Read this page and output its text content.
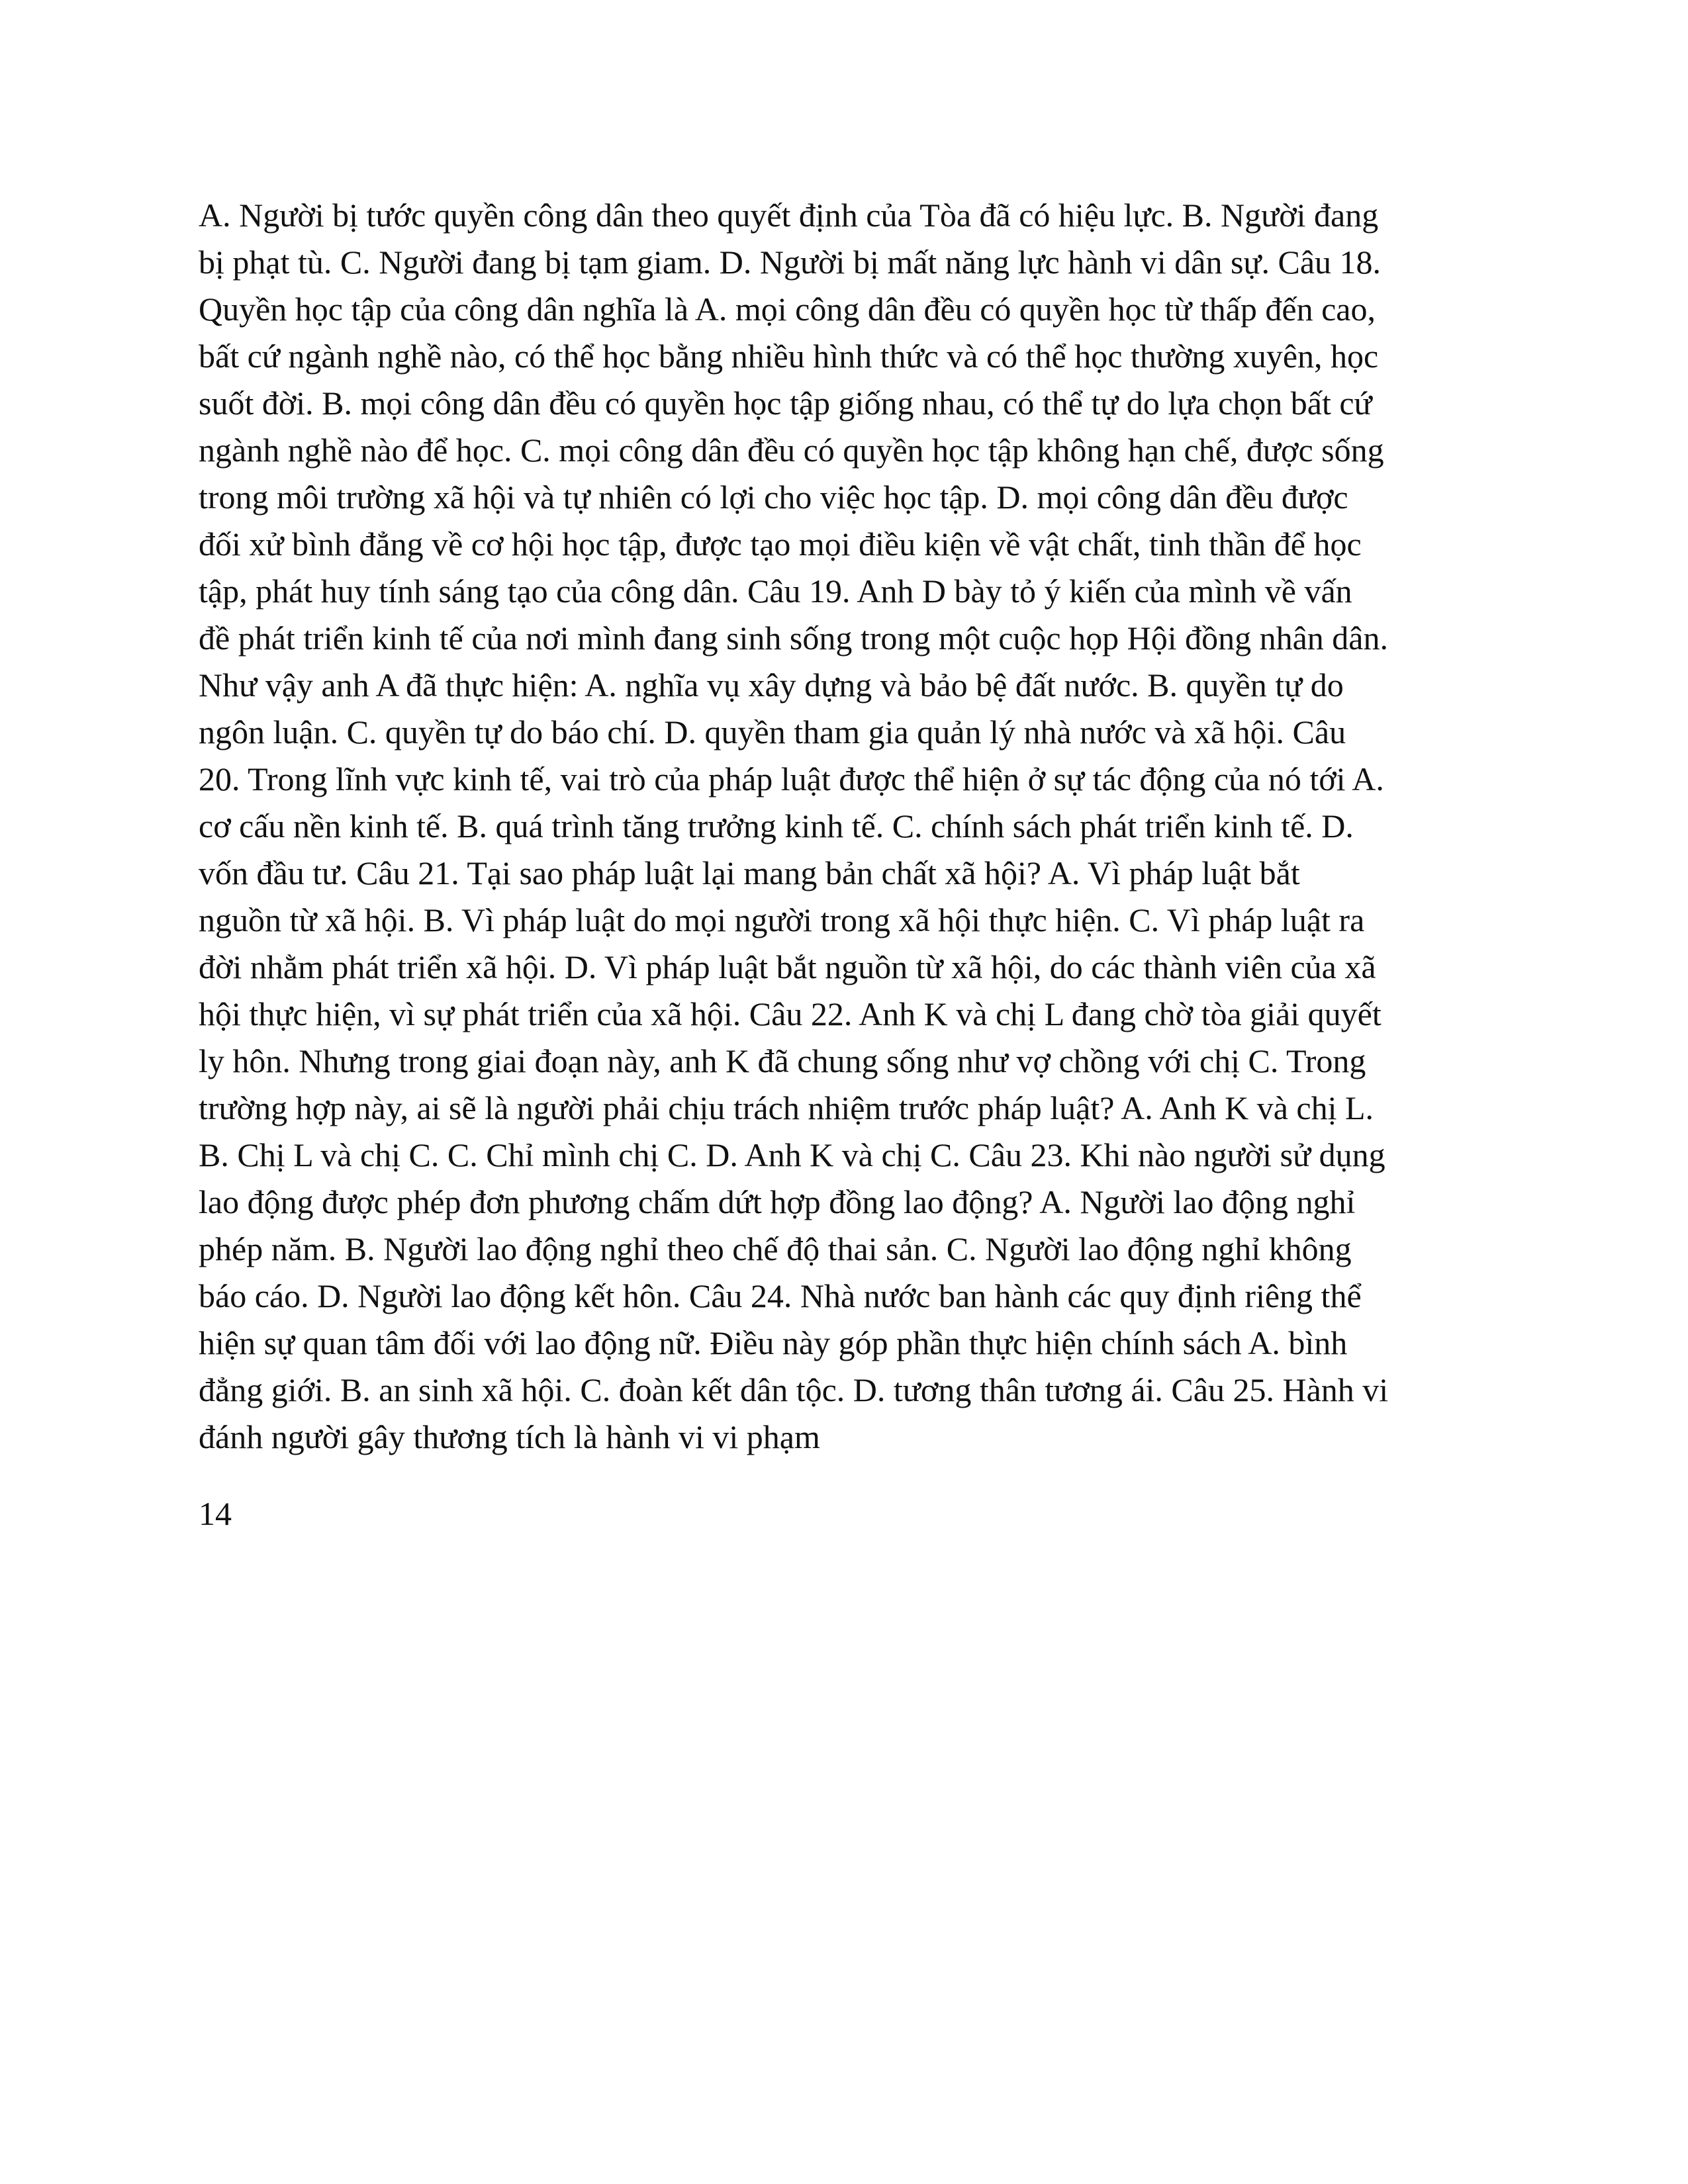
A. Người bị tước quyền công dân theo quyết định của Tòa đã có hiệu lực. B. Người đang
bị phạt tù. C. Người đang bị tạm giam. D. Người bị mất năng lực hành vi dân sự. Câu 18.
Quyền học tập của công dân nghĩa là A. mọi công dân đều có quyền học từ thấp đến cao,
bất cứ ngành nghề nào, có thể học bằng nhiều hình thức và có thể học thường xuyên, học
suốt đời. B. mọi công dân đều có quyền học tập giống nhau, có thể tự do lựa chọn bất cứ
ngành nghề nào để học. C. mọi công dân đều có quyền học tập không hạn chế, được sống
trong môi trường xã hội và tự nhiên có lợi cho việc học tập. D. mọi công dân đều được
đối xử bình đẳng về cơ hội học tập, được tạo mọi điều kiện về vật chất, tinh thần để học
tập, phát huy tính sáng tạo của công dân. Câu 19. Anh D bày tỏ ý kiến của mình về vấn
đề phát triển kinh tế của nơi mình đang sinh sống trong một cuộc họp Hội đồng nhân dân.
Như vậy anh A đã thực hiện: A. nghĩa vụ xây dựng và bảo bệ đất nước. B. quyền tự do
ngôn luận. C. quyền tự do báo chí. D. quyền tham gia quản lý nhà nước và xã hội. Câu
20. Trong lĩnh vực kinh tế, vai trò của pháp luật được thể hiện ở sự tác động của nó tới A.
cơ cấu nền kinh tế. B. quá trình tăng trưởng kinh tế. C. chính sách phát triển kinh tế. D.
vốn đầu tư. Câu 21. Tại sao pháp luật lại mang bản chất xã hội? A. Vì pháp luật bắt
nguồn từ xã hội. B. Vì pháp luật do mọi người trong xã hội thực hiện. C. Vì pháp luật ra
đời nhằm phát triển xã hội. D. Vì pháp luật bắt nguồn từ xã hội, do các thành viên của xã
hội thực hiện, vì sự phát triển của xã hội. Câu 22. Anh K và chị L đang chờ tòa giải quyết
ly hôn. Nhưng trong giai đoạn này, anh K đã chung sống như vợ chồng với chị C. Trong
trường hợp này, ai sẽ là người phải chịu trách nhiệm trước pháp luật? A. Anh K và chị L.
B. Chị L và chị C. C. Chỉ mình chị C. D. Anh K và chị C. Câu 23. Khi nào người sử dụng
lao động được phép đơn phương chấm dứt hợp đồng lao động? A. Người lao động nghỉ
phép năm. B. Người lao động nghỉ theo chế độ thai sản. C. Người lao động nghỉ không
báo cáo. D. Người lao động kết hôn. Câu 24. Nhà nước ban hành các quy định riêng thể
hiện sự quan tâm đối với lao động nữ. Điều này góp phần thực hiện chính sách A. bình
đẳng giới. B. an sinh xã hội. C. đoàn kết dân tộc. D. tương thân tương ái. Câu 25. Hành vi
đánh người gây thương tích là hành vi vi phạm
14
